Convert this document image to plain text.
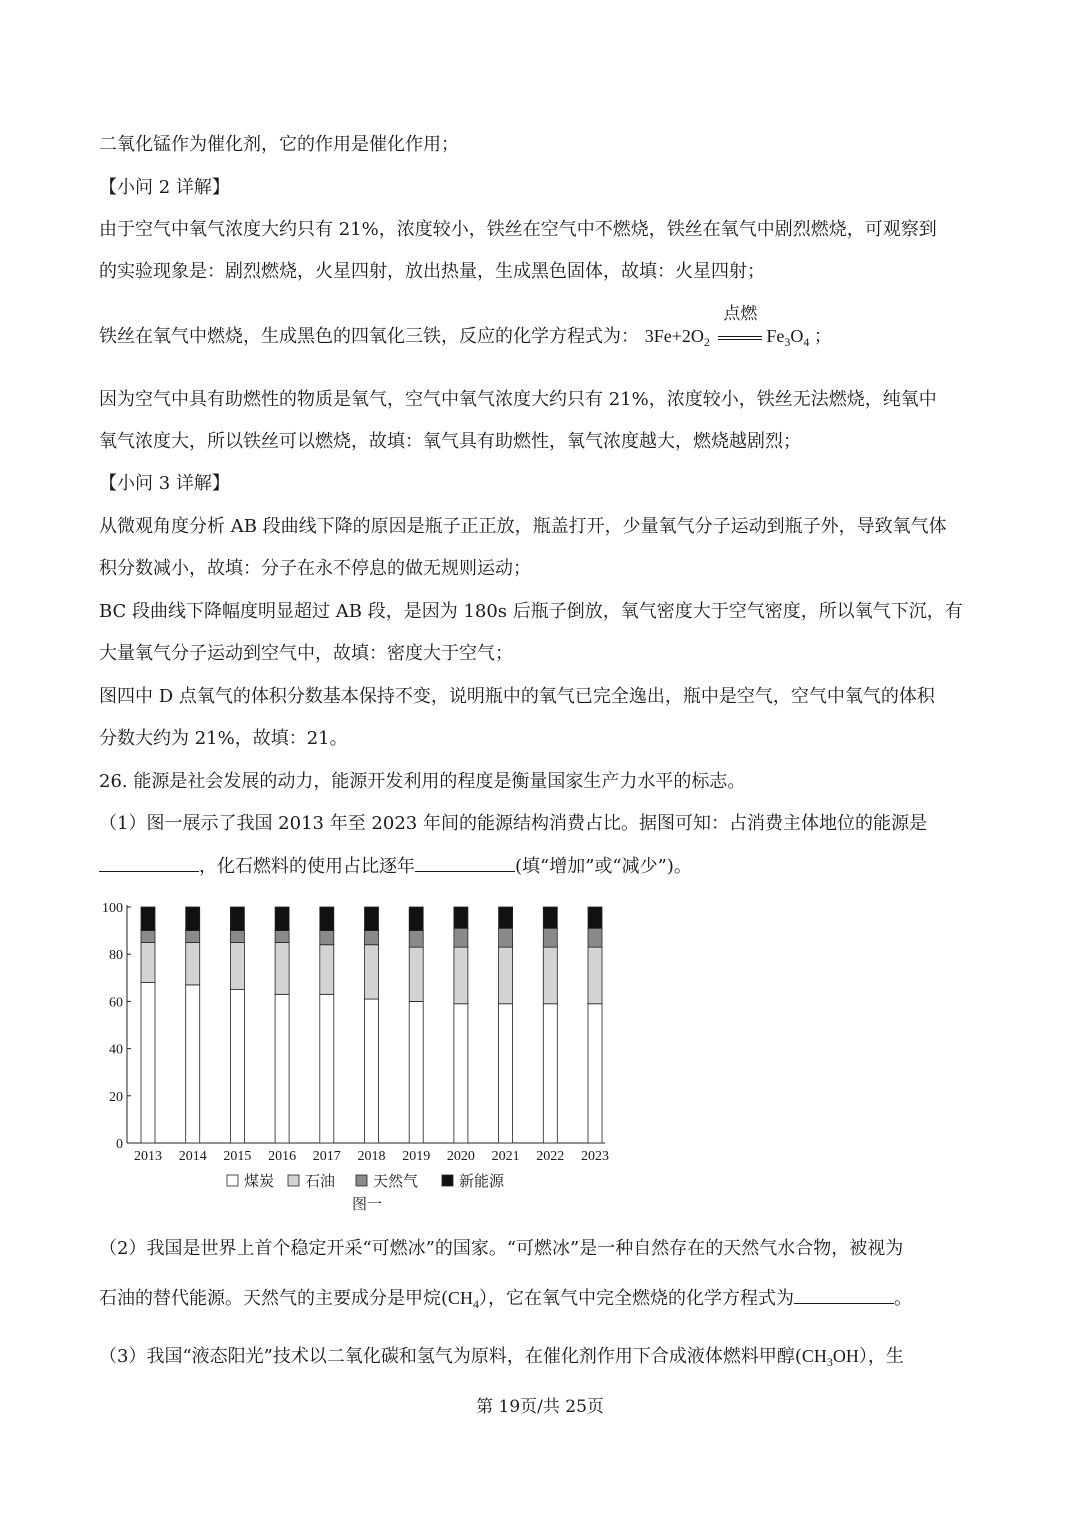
二氧化锰作为催化剂，它的作用是催化作用；
【小问 2 详解】
由于空气中氧气浓度大约只有 21%，浓度较小，铁丝在空气中不燃烧，铁丝在氧气中剧烈燃烧，可观察到
的实验现象是：剧烈燃烧，火星四射，放出热量，生成黑色固体，故填：火星四射；
铁丝在氧气中燃烧，生成黑色的四氧化三铁，反应的化学方程式为： $3Fe+2O_2$
点燃
$Fe_3O_4$ ；
因为空气中具有助燃性的物质是氧气，空气中氧气浓度大约只有 21%，浓度较小，铁丝无法燃烧，纯氧中
氧气浓度大，所以铁丝可以燃烧，故填：氧气具有助燃性，氧气浓度越大，燃烧越剧烈；
【小问 3 详解】
从微观角度分析 AB 段曲线下降的原因是瓶子正正放，瓶盖打开，少量氧气分子运动到瓶子外，导致氧气体
积分数减小，故填：分子在永不停息的做无规则运动；
BC 段曲线下降幅度明显超过 AB 段，是因为 180s 后瓶子倒放，氧气密度大于空气密度，所以氧气下沉，有
大量氧气分子运动到空气中，故填：密度大于空气；
图四中 D 点氧气的体积分数基本保持不变，说明瓶中的氧气已完全逸出，瓶中是空气，空气中氧气的体积
分数大约为 21%，故填：21。
26. 能源是社会发展的动力，能源开发利用的程度是衡量国家生产力水平的标志。
（1）图一展示了我国 2013 年至 2023 年间的能源结构消费占比。据图可知：占消费主体地位的能源是
，化石燃料的使用占比逐年	(填“增加”或“减少”)。
0
20
40
60
80
100
2013 2014 2015 2016 2017 2018 2019 2020 2021 2022 2023
煤炭 石油	天然气	新能源
图一
（2）我国是世界上首个稳定开采“可燃冰”的国家。“可燃冰”是一种自然存在的天然气水合物，被视为
石油的替代能源。天然气的主要成分是甲烷$(CH_4)$，它在氧气中完全燃烧的化学方程式为	。
（3）我国“液态阳光”技术以二氧化碳和氢气为原料，在催化剂作用下合成液体燃料甲醇$(CH_3OH)$，生
第 19页/共 25页
